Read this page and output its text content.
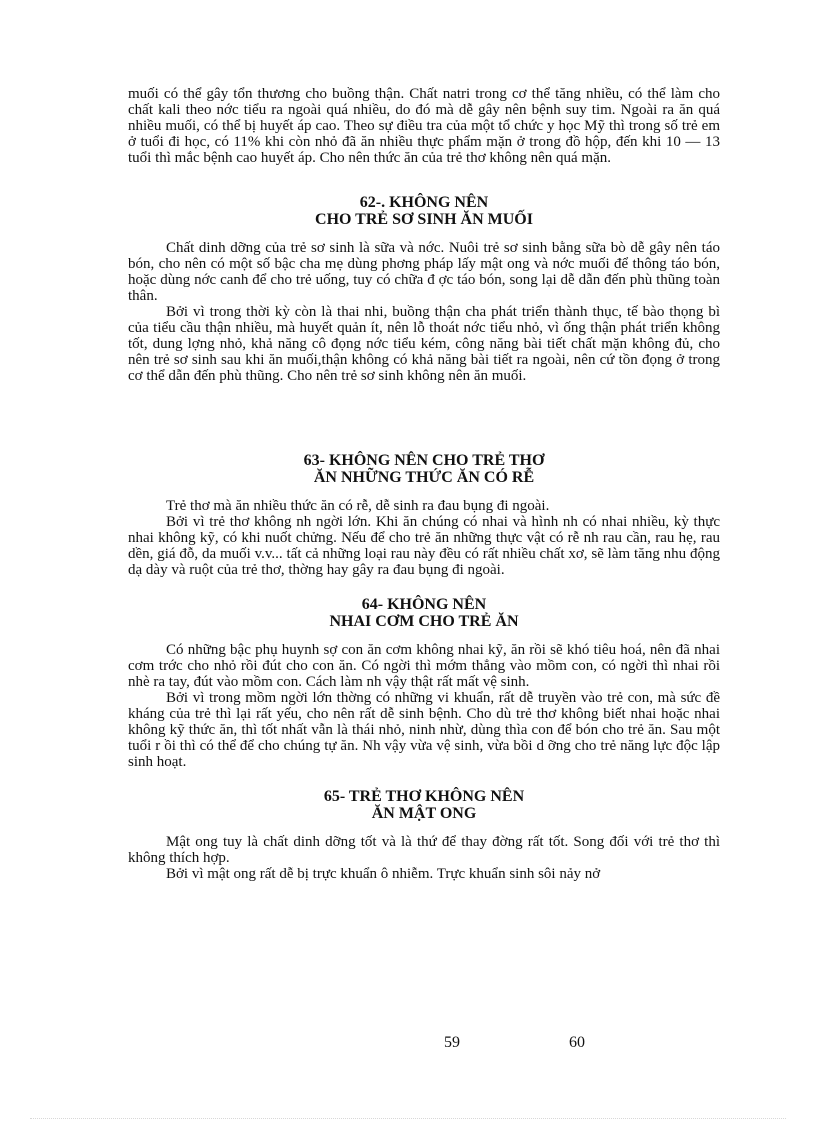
muối có thể gây tổn thương cho buồng thận. Chất natri trong cơ thể tăng nhiều, có thể làm cho chất kali theo nớc tiểu ra ngoài quá nhiều, do đó mà dễ gây nên bệnh suy tim. Ngoài ra ăn quá nhiều muối, có thể bị huyết áp cao. Theo sự điều tra của một tổ chức y học Mỹ thì trong số trẻ em ở tuổi đi học, có 11% khi còn nhỏ đã ăn nhiều thực phẩm mặn ở trong đồ hộp, đến khi 10 — 13 tuổi thì mắc bệnh cao huyết áp. Cho nên thức ăn của trẻ thơ không nên quá mặn.

62-. KHÔNG NÊN
CHO TRẺ SƠ SINH ĂN MUỐI

Chất dinh dỡng của trẻ sơ sinh là sữa và nớc. Nuôi trẻ sơ sinh bằng sữa bò dễ gây nên táo bón, cho nên có một số bậc cha mẹ dùng phơng pháp lấy mật ong và nớc muối để thông táo bón, hoặc dùng nớc canh để cho trẻ uống, tuy có chữa đ ợc táo bón, song lại dễ dẫn đến phù thũng toàn thân.

Bởi vì trong thời kỳ còn là thai nhi, buồng thận cha phát triển thành thục, tế bào thọng bì của tiểu cầu thận nhiều, mà huyết quản ít, nên lỗ thoát nớc tiểu nhỏ, vì ống thận phát triển không tốt, dung lợng nhỏ, khả năng cô đọng nớc tiểu kém, công năng bài tiết chất mặn không đủ, cho nên trẻ sơ sinh sau khi ăn muối,thận không có khả năng bài tiết ra ngoài, nên cứ tồn đọng ở trong cơ thể dẫn đến phù thũng. Cho nên trẻ sơ sinh không nên ăn muối.

63- KHÔNG NÊN CHO TRẺ THƠ
ĂN NHỮNG THỨC ĂN CÓ RỄ

Trẻ thơ mà ăn nhiều thức ăn có rễ, dễ sinh ra đau bụng đi ngoài.

Bởi vì trẻ thơ không nh ngời lớn. Khi ăn chúng có nhai và hình nh có nhai nhiều, kỳ thực nhai không kỹ, có khi nuốt chửng. Nếu để cho trẻ ăn những thực vật có rễ nh rau cần, rau hẹ, rau dền, giá đỗ, da muối v.v... tất cả những loại rau này đều có rất nhiều chất xơ, sẽ làm tăng nhu động dạ dày và ruột của trẻ thơ, thờng hay gây ra đau bụng đi ngoài.

64- KHÔNG NÊN
NHAI CƠM CHO TRẺ ĂN

Có những bậc phụ huynh sợ con ăn cơm không nhai kỹ, ăn rồi sẽ khó tiêu hoá, nên đã nhai cơm trớc cho nhỏ rồi đút cho con ăn. Có ngời thì mớm thẳng vào mồm con, có ngời thì nhai rồi nhè ra tay, đút vào mồm con. Cách làm nh vậy thật rất mất vệ sinh.

Bởi vì trong mồm ngời lớn thờng có những vi khuẩn, rất dễ truyền vào trẻ con, mà sức đề kháng của trẻ thì lại rất yếu, cho nên rất dễ sinh bệnh. Cho dù trẻ thơ không biết nhai hoặc nhai không kỹ thức ăn, thì tốt nhất vẫn là thái nhỏ, ninh nhừ, dùng thìa con để bón cho trẻ ăn. Sau một tuổi r ồi thì có thể để cho chúng tự ăn. Nh vậy vừa vệ sinh, vừa bồi d ỡng cho trẻ năng lực độc lập sinh hoạt.

65- TRẺ THƠ KHÔNG NÊN
ĂN MẬT ONG

Mật ong tuy là chất dinh dỡng tốt và là thứ để thay đờng rất tốt. Song đối với trẻ thơ thì không thích hợp.

Bởi vì mật ong rất dễ bị trực khuẩn ô nhiễm. Trực khuẩn sinh sôi nảy nở

59	60
